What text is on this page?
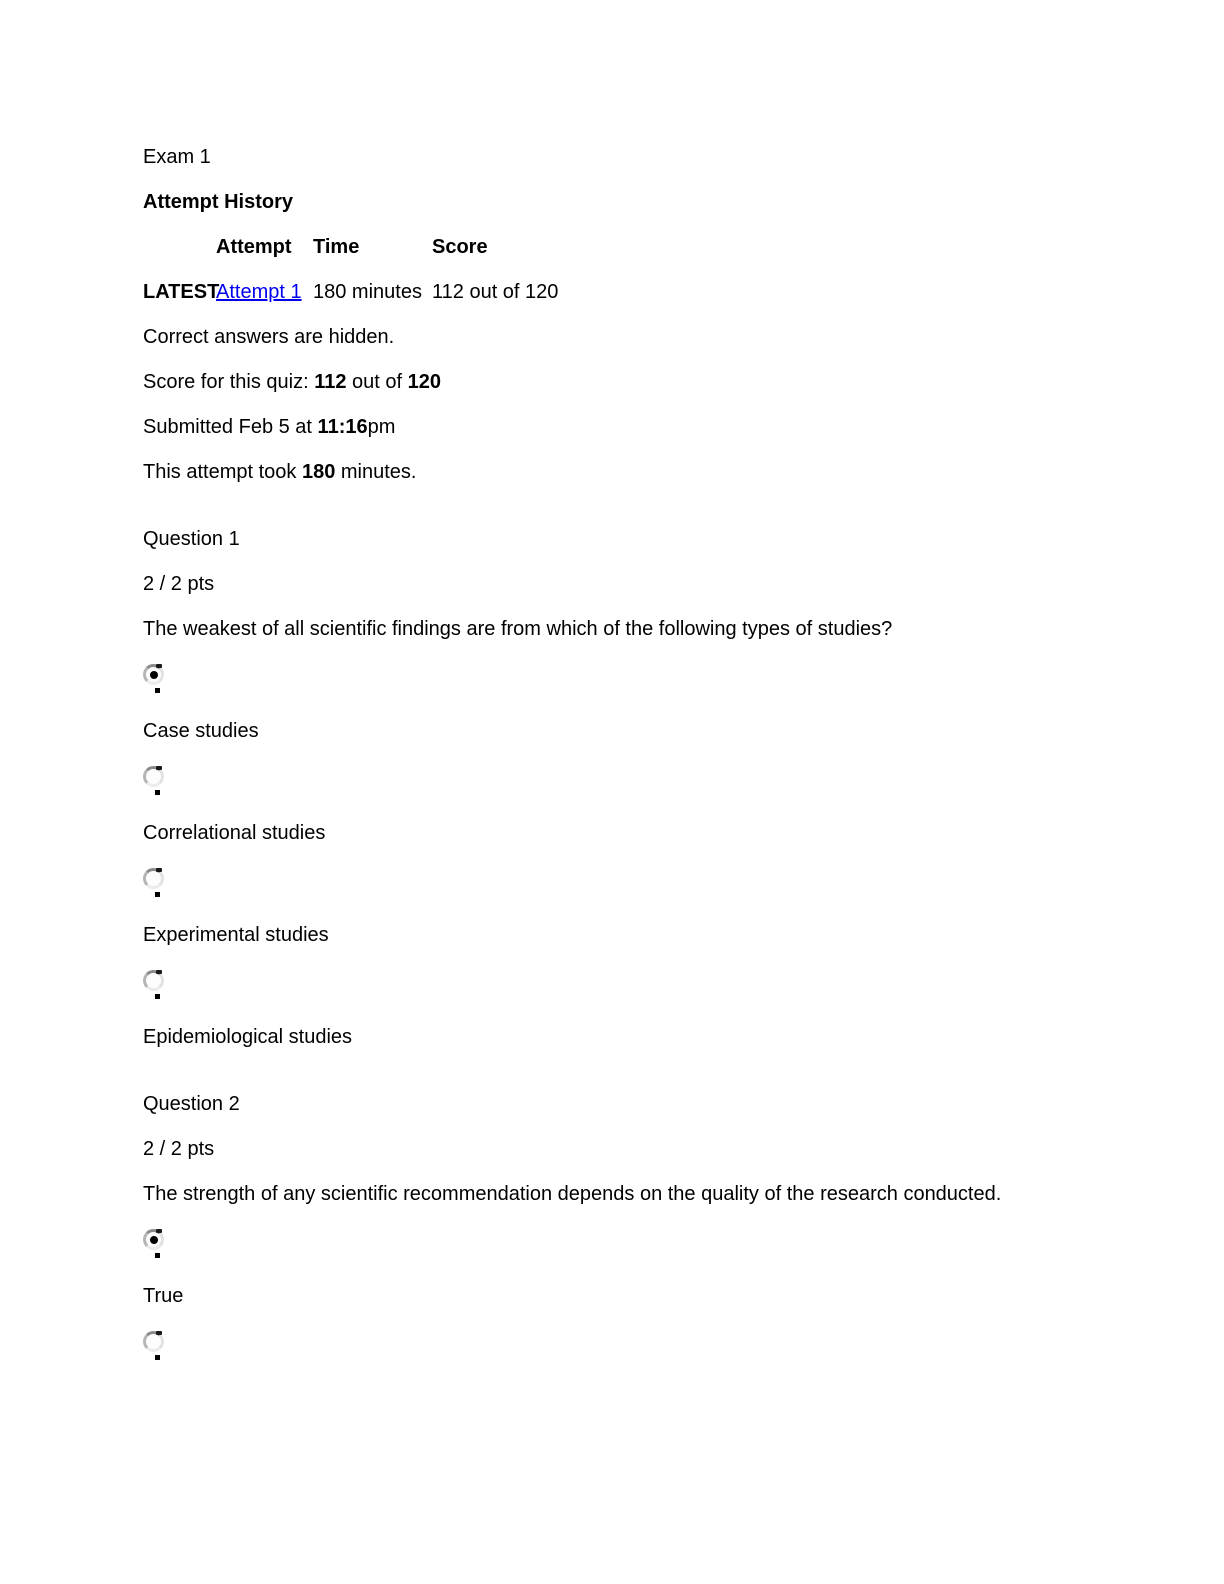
Exam 1

Attempt History

Attempt Time	Score
LATESTAttempt 1 180 minutes 112 out of 120

Correct answers are hidden.

Score for this quiz: 112 out of 120

Submitted Feb 5 at 11:16pm

This attempt took 180 minutes.

Question 1

2 / 2 pts

The weakest of all scientific findings are from which of the following types of studies?

Case studies

Correlational studies

Experimental studies

Epidemiological studies

Question 2

2 / 2 pts

The strength of any scientific recommendation depends on the quality of the research conducted.

True
